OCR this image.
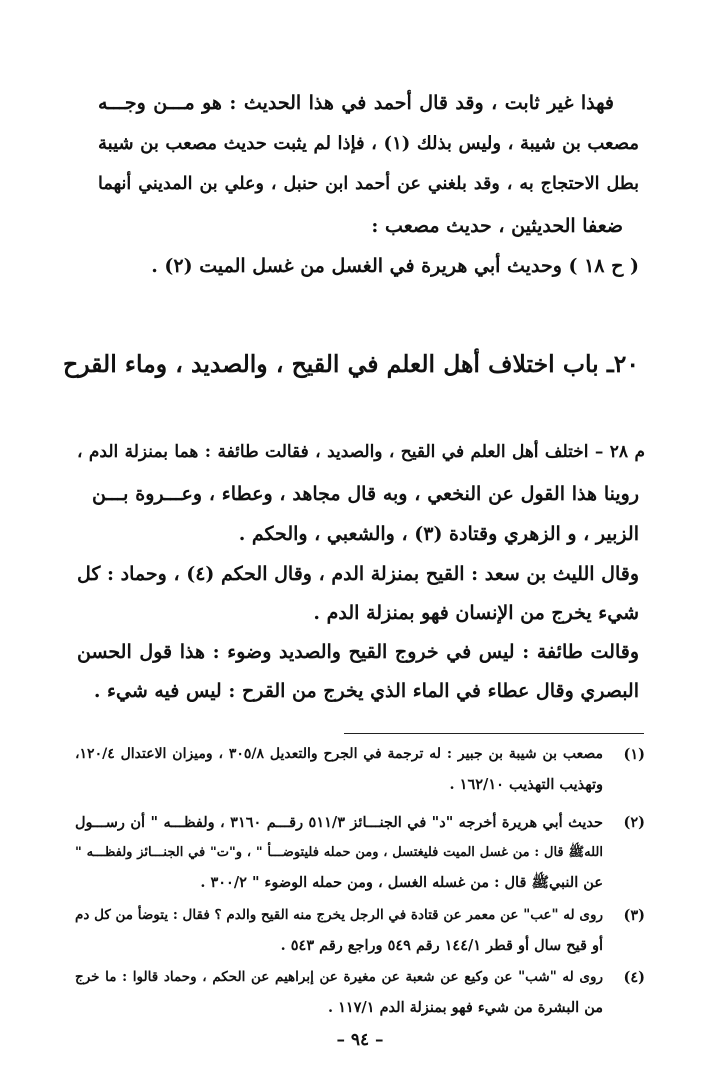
فهذا غير ثابت ، وقد قال أحمد في هذا الحديث : هو مـــن وجـــه
مصعب بن شيبة ، وليس بذلك (١) ، فإذا لم يثبت حديث مصعب بن شيبة
بطل الاحتجاج به ، وقد بلغني عن أحمد ابن حنبل ، وعلي بن المديني أنهما
ضعفا الحديثين ، حديث مصعب :
( ح ١٨ ) وحديث أبي هريرة في الغسل من غسل الميت (٢) .
٢٠ـ باب اختلاف أهل العلم في القيح ، والصديد ، وماء القرح
م ٢٨ – اختلف أهل العلم في القيح ، والصديد ، فقالت طائفة : هما بمنزلة الدم ،
روينا هذا القول عن النخعي ، وبه قال مجاهد ، وعطاء ، وعـــروة بـــن
الزبير ، و الزهري وقتادة (٣) ، والشعبي ، والحكم .
وقال الليث بن سعد : القيح بمنزلة الدم ، وقال الحكم (٤) ، وحماد : كل
شيء يخرج من الإنسان فهو بمنزلة الدم .
وقالت طائفة : ليس في خروج القيح والصديد وضوء : هذا قول الحسن
البصري وقال عطاء في الماء الذي يخرج من القرح : ليس فيه شيء .
(١)
مصعب بن شيبة بن جبير : له ترجمة في الجرح والتعديل ٣٠٥/٨ ، وميزان الاعتدال ١٢٠/٤،
وتهذيب التهذيب ١٦٢/١٠ .
(٢)
حديث أبي هريرة أخرجه "د" في الجنـــائز ٥١١/٣ رقـــم ٣١٦٠ ، ولفظـــه " أن رســـول
اللهﷺ قال : من غسل الميت فليغتسل ، ومن حمله فليتوضـــأ " ، و"ت" في الجنـــائز ولفظـــه "
عن النبيﷺ قال : من غسله الغسل ، ومن حمله الوضوء " ٣٠٠/٢ .
(٣)
روى له "عب" عن معمر عن قتادة في الرجل يخرج منه القيح والدم ؟ فقال : يتوضأ من كل دم
أو قيح سال أو قطر ١٤٤/١ رقم ٥٤٩ وراجع رقم ٥٤٣ .
(٤)
روى له "شب" عن وكيع عن شعبة عن مغيرة عن إبراهيم عن الحكم ، وحماد قالوا : ما خرج
من البشرة من شيء فهو بمنزلة الدم ١١٧/١ .
– ٩٤ –
